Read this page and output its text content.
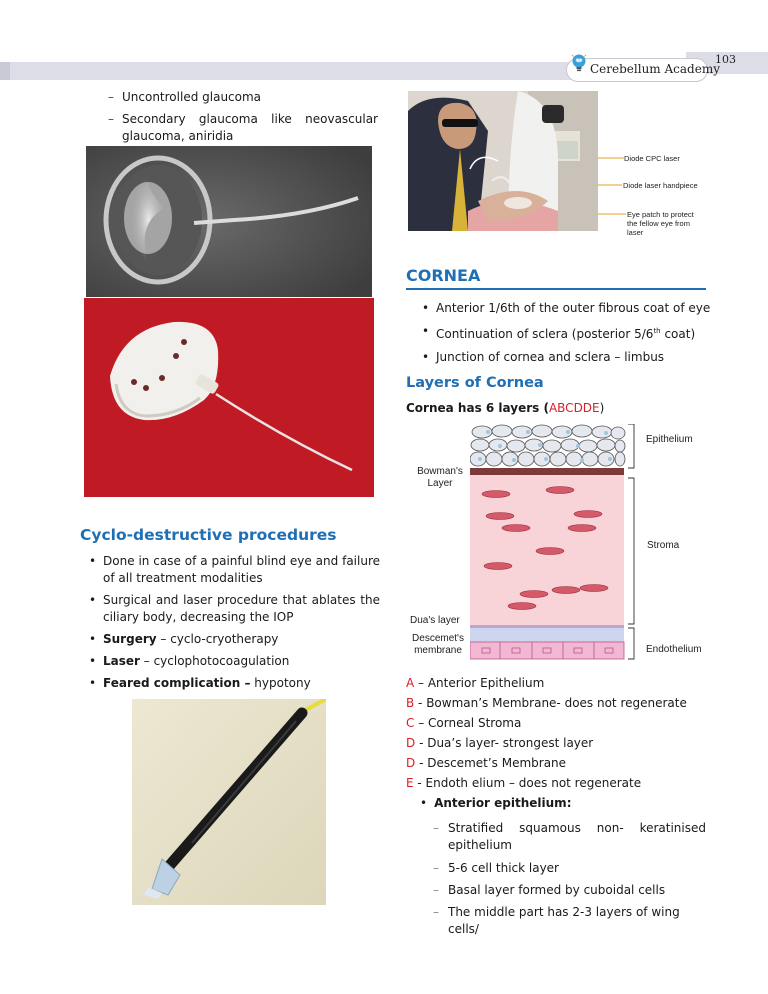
103
Cerebellum Academy
– Uncontrolled glaucoma
– Secondary glaucoma like neovascular glaucoma, aniridia
Cyclo-destructive procedures
• Done in case of a painful blind eye and failure of all treatment modalities
• Surgical and laser procedure that ablates the ciliary body, decreasing the IOP
• Surgery – cyclo-cryotherapy
• Laser – cyclophotocoagulation
• Feared complication – hypotony
Diode CPC laser
Diode laser handpiece
Eye patch to protect the fellow eye from laser
CORNEA
• Anterior 1/6th of the outer fibrous coat of eye
• Continuation of sclera (posterior 5/6th coat)
• Junction of cornea and sclera – limbus
Layers of Cornea
Cornea has 6 layers (ABCDDE)
Epithelium
Bowman's Layer
Stroma
Dua's layer
Descemet's membrane	Endothelium
A – Anterior Epithelium
B - Bowman’s Membrane- does not regenerate
C – Corneal Stroma
D - Dua’s layer- strongest layer
D - Descemet’s Membrane
E - Endoth elium – does not regenerate
• Anterior epithelium:
– Stratified squamous non- keratinised epithelium
– 5-6 cell thick layer
– Basal layer formed by cuboidal cells
– The middle part has 2-3 layers of wing cells/
